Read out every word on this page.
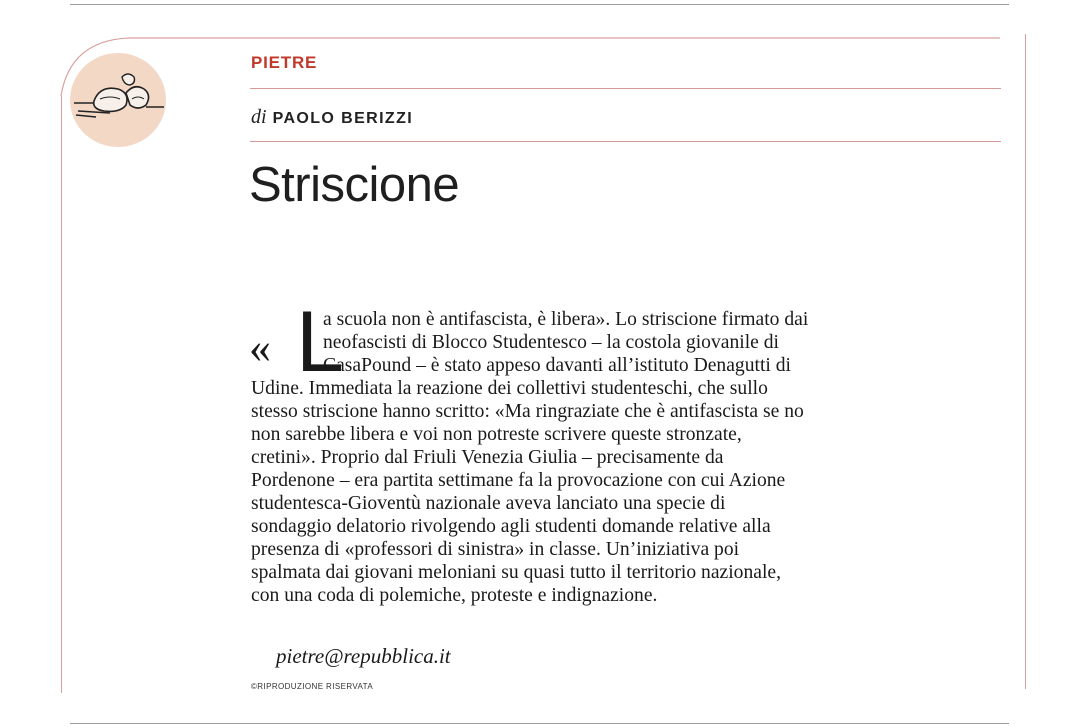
PIETRE
di PAOLO BERIZZI
Striscione
« L
a scuola non è antifascista, è libera». Lo striscione firmato dai
neofascisti di Blocco Studentesco – la costola giovanile di
CasaPound – è stato appeso davanti all’istituto Denagutti di
Udine. Immediata la reazione dei collettivi studenteschi, che sullo
stesso striscione hanno scritto: «Ma ringraziate che è antifascista se no
non sarebbe libera e voi non potreste scrivere queste stronzate,
cretini». Proprio dal Friuli Venezia Giulia – precisamente da
Pordenone – era partita settimane fa la provocazione con cui Azione
studentesca-Gioventù nazionale aveva lanciato una specie di
sondaggio delatorio rivolgendo agli studenti domande relative alla
presenza di «professori di sinistra» in classe. Un’iniziativa poi
spalmata dai giovani meloniani su quasi tutto il territorio nazionale,
con una coda di polemiche, proteste e indignazione.
pietre@repubblica.it
©RIPRODUZIONE RISERVATA
